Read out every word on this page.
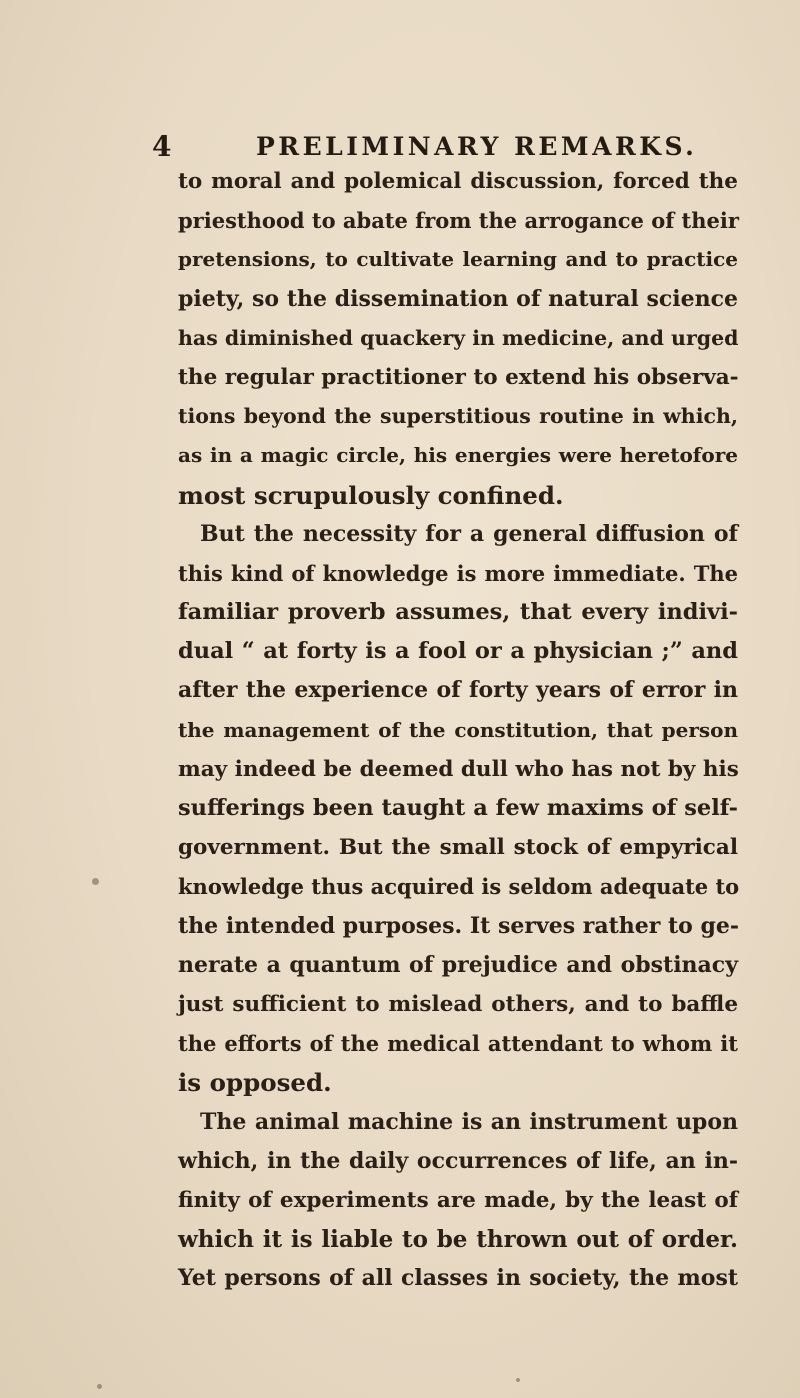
4	PRELIMINARY REMARKS.
to moral and polemical discussion, forced the
priesthood to abate from the arrogance of their
pretensions, to cultivate learning and to practice
piety, so the dissemination of natural science
has diminished quackery in medicine, and urged
the regular practitioner to extend his observa-
tions beyond the superstitious routine in which,
as in a magic circle, his energies were heretofore
most scrupulously confined.
But the necessity for a general diffusion of
this kind of knowledge is more immediate. The
familiar proverb assumes, that every indivi-
dual “ at forty is a fool or a physician ;” and
after the experience of forty years of error in
the management of the constitution, that person
may indeed be deemed dull who has not by his
sufferings been taught a few maxims of self-
government. But the small stock of empyrical
knowledge thus acquired is seldom adequate to
the intended purposes. It serves rather to ge-
nerate a quantum of prejudice and obstinacy
just sufficient to mislead others, and to baffle
the efforts of the medical attendant to whom it
is opposed.
The animal machine is an instrument upon
which, in the daily occurrences of life, an in-
finity of experiments are made, by the least of
which it is liable to be thrown out of order.
Yet persons of all classes in society, the most
